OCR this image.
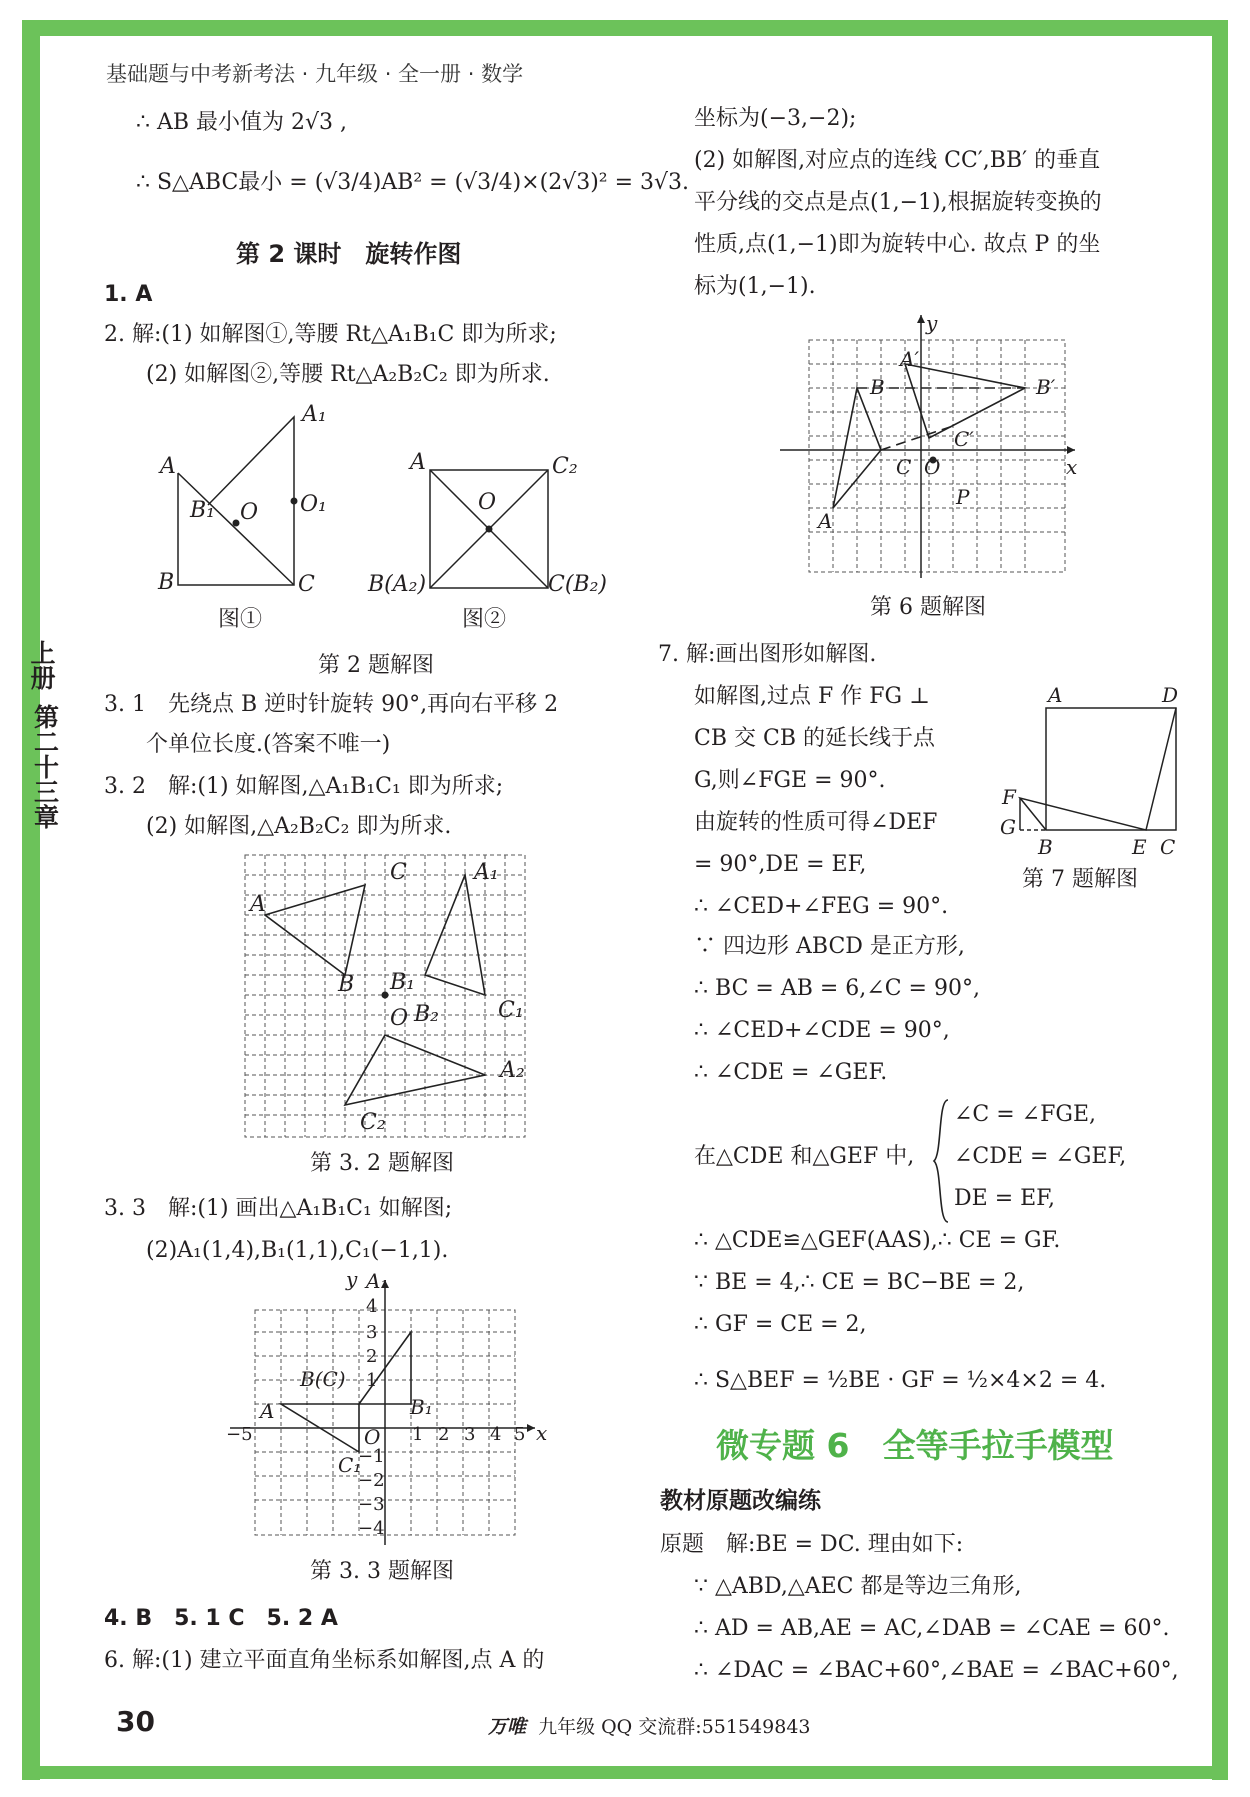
基础题与中考新考法 · 九年级 · 全一册 · 数学
上册
第二十三章
∴ AB 最小值为 2√3 ,
∴ S△ABC最小 = (√3/4)AB² = (√3/4)×(2√3)² = 3√3.
第 2 课时　旋转作图
1. A
2. 解:(1) 如解图①,等腰 Rt△A₁B₁C 即为所求;
(2) 如解图②,等腰 Rt△A₂B₂C₂ 即为所求.
A
B₁ O O₁
A₁
B	C
图①
A	C₂
O
B(A₂)	C(B₂)
图②
第 2 题解图
3. 1　先绕点 B 逆时针旋转 90°,再向右平移 2
个单位长度.(答案不唯一)
3. 2　解:(1) 如解图,△A₁B₁C₁ 即为所求;
(2) 如解图,△A₂B₂C₂ 即为所求.
A
C
B B₁
A₁
C₁
O B₂
A₂
C₂
第 3. 2 题解图
3. 3　解:(1) 画出△A₁B₁C₁ 如解图;
(2)A₁(1,4),B₁(1,1),C₁(−1,1).
y A₁
B(C)
B₁
A
C₁
O	x
4
3
2
1
−1
−2
−3
−4
−5	1 2 3 4 5
第 3. 3 题解图
4. B　5. 1 C　5. 2 A
6. 解:(1) 建立平面直角坐标系如解图,点 A 的
坐标为(−3,−2);
(2) 如解图,对应点的连线 CC′,BB′ 的垂直
平分线的交点是点(1,−1),根据旋转变换的
性质,点(1,−1)即为旋转中心. 故点 P 的坐
标为(1,−1).
y
A′
B	B′
C′
C O
P
x
A
第 6 题解图
7. 解:画出图形如解图.
如解图,过点 F 作 FG ⊥
CB 交 CB 的延长线于点
G,则∠FGE = 90°.
由旋转的性质可得∠DEF
= 90°,DE = EF,
A	D
F
G
B	E C
第 7 题解图
∴ ∠CED+∠FEG = 90°.
∵ 四边形 ABCD 是正方形,
∴ BC = AB = 6,∠C = 90°,
∴ ∠CED+∠CDE = 90°,
∴ ∠CDE = ∠GEF.
在△CDE 和△GEF 中,
∠C = ∠FGE,
∠CDE = ∠GEF,
DE = EF,
∴ △CDE≌△GEF(AAS),∴ CE = GF.
∵ BE = 4,∴ CE = BC−BE = 2,
∴ GF = CE = 2,
∴ S△BEF = ½BE · GF = ½×4×2 = 4.
微专题 6　全等手拉手模型
教材原题改编练
原题　解:BE = DC. 理由如下:
∵ △ABD,△AEC 都是等边三角形,
∴ AD = AB,AE = AC,∠DAB = ∠CAE = 60°.
∴ ∠DAC = ∠BAC+60°,∠BAE = ∠BAC+60°,
30	万唯 九年级 QQ 交流群:551549843
